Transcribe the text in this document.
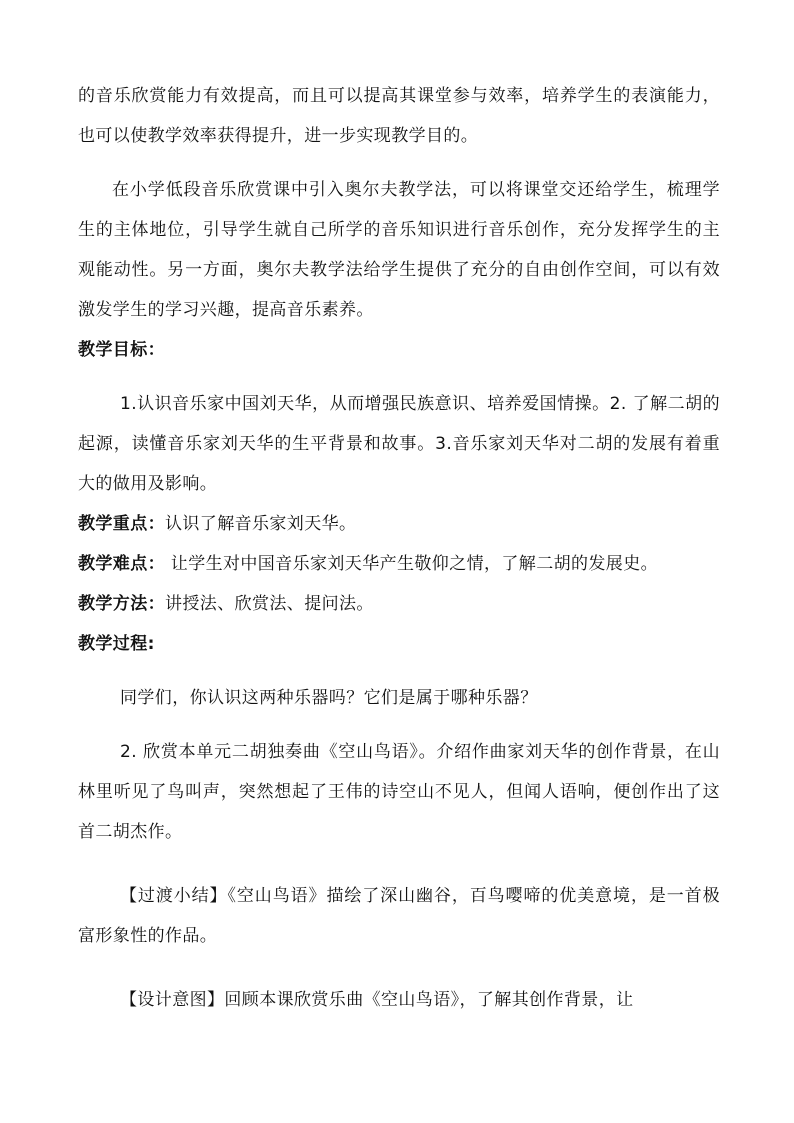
的音乐欣赏能力有效提高，而且可以提高其课堂参与效率，培养学生的表演能力，也可以使教学效率获得提升，进一步实现教学目的。

在小学低段音乐欣赏课中引入奥尔夫教学法，可以将课堂交还给学生，梳理学生的主体地位，引导学生就自己所学的音乐知识进行音乐创作，充分发挥学生的主观能动性。另一方面，奥尔夫教学法给学生提供了充分的自由创作空间，可以有效激发学生的学习兴趣，提高音乐素养。

教学目标：

1.认识音乐家中国刘天华，从而增强民族意识、培养爱国情操。2. 了解二胡的起源，读懂音乐家刘天华的生平背景和故事。3.音乐家刘天华对二胡的发展有着重大的做用及影响。

教学重点：认识了解音乐家刘天华。

教学难点： 让学生对中国音乐家刘天华产生敬仰之情，了解二胡的发展史。

教学方法：讲授法、欣赏法、提问法。

教学过程:

同学们，你认识这两种乐器吗？它们是属于哪种乐器？

2. 欣赏本单元二胡独奏曲《空山鸟语》。介绍作曲家刘天华的创作背景，在山林里听见了鸟叫声，突然想起了王伟的诗空山不见人，但闻人语响，便创作出了这首二胡杰作。

【过渡小结】《空山鸟语》描绘了深山幽谷，百鸟嘤啼的优美意境，是一首极富形象性的作品。

【设计意图】回顾本课欣赏乐曲《空山鸟语》，了解其创作背景，让
